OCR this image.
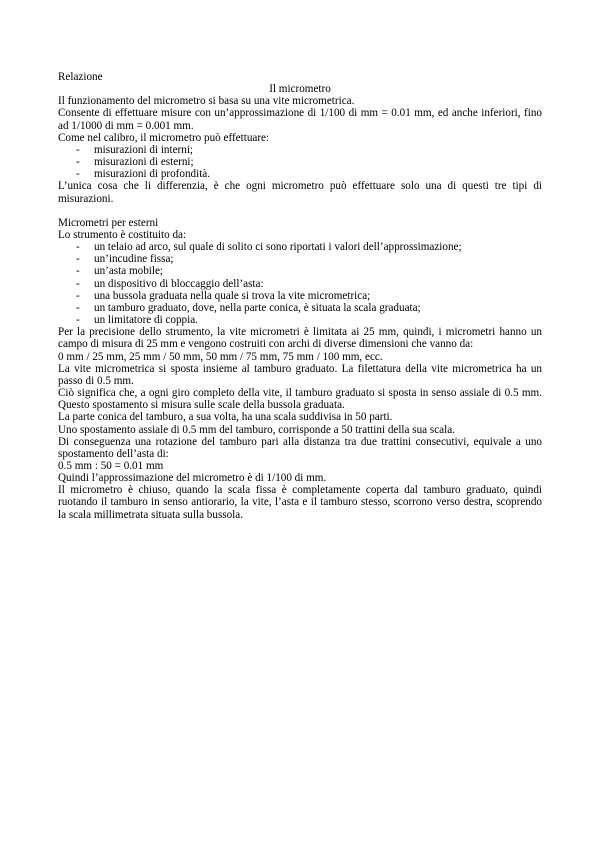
Relazione

Il micrometro

Il funzionamento del micrometro si basa su una vite micrometrica.

Consente di effettuare misure con un’approssimazione di 1/100 di mm = 0.01 mm, ed anche inferiori, fino ad 1/1000 di mm = 0.001 mm.

Come nel calibro, il micrometro può effettuare:

- misurazioni di interni;
- misurazioni di esterni;
- misurazioni di profondità.

L’unica cosa che li differenzia, è che ogni micrometro può effettuare solo una di questi tre tipi di misurazioni.

Micrometri per esterni

Lo strumento è costituito da:

- un telaio ad arco, sul quale di solito ci sono riportati i valori dell’approssimazione;
- un’incudine fissa;
- un’asta mobile;
- un dispositivo di bloccaggio dell’asta:
- una bussola graduata nella quale si trova la vite micrometrica;
- un tamburo graduato, dove, nella parte conica, è situata la scala graduata;
- un limitatore di coppia.

Per la precisione dello strumento, la vite micrometri è limitata ai 25 mm, quindi, i micrometri hanno un campo di misura di 25 mm e vengono costruiti con archi di diverse dimensioni che vanno da:

0 mm / 25 mm, 25 mm / 50 mm, 50 mm / 75 mm, 75 mm / 100 mm, ecc.

La vite micrometrica si sposta insieme al tamburo graduato. La filettatura della vite micrometrica ha un passo di 0.5 mm.

Ciò significa che, a ogni giro completo della vite, il tamburo graduato si sposta in senso assiale di 0.5 mm. Questo spostamento si misura sulle scale della bussola graduata.

La parte conica del tamburo, a sua volta, ha una scala suddivisa in 50 parti.

Uno spostamento assiale di 0.5 mm del tamburo, corrisponde a 50 trattini della sua scala.

Di conseguenza una rotazione del tamburo pari alla distanza tra due trattini consecutivi, equivale a uno spostamento dell’asta di:

0.5 mm : 50 = 0.01 mm

Quindi l’approssimazione del micrometro è di 1/100 di mm.

Il micrometro è chiuso, quando la scala fissa è completamente coperta dal tamburo graduato, quindi ruotando il tamburo in senso antiorario, la vite, l’asta e il tamburo stesso, scorrono verso destra, scoprendo la scala millimetrata situata sulla bussola.
